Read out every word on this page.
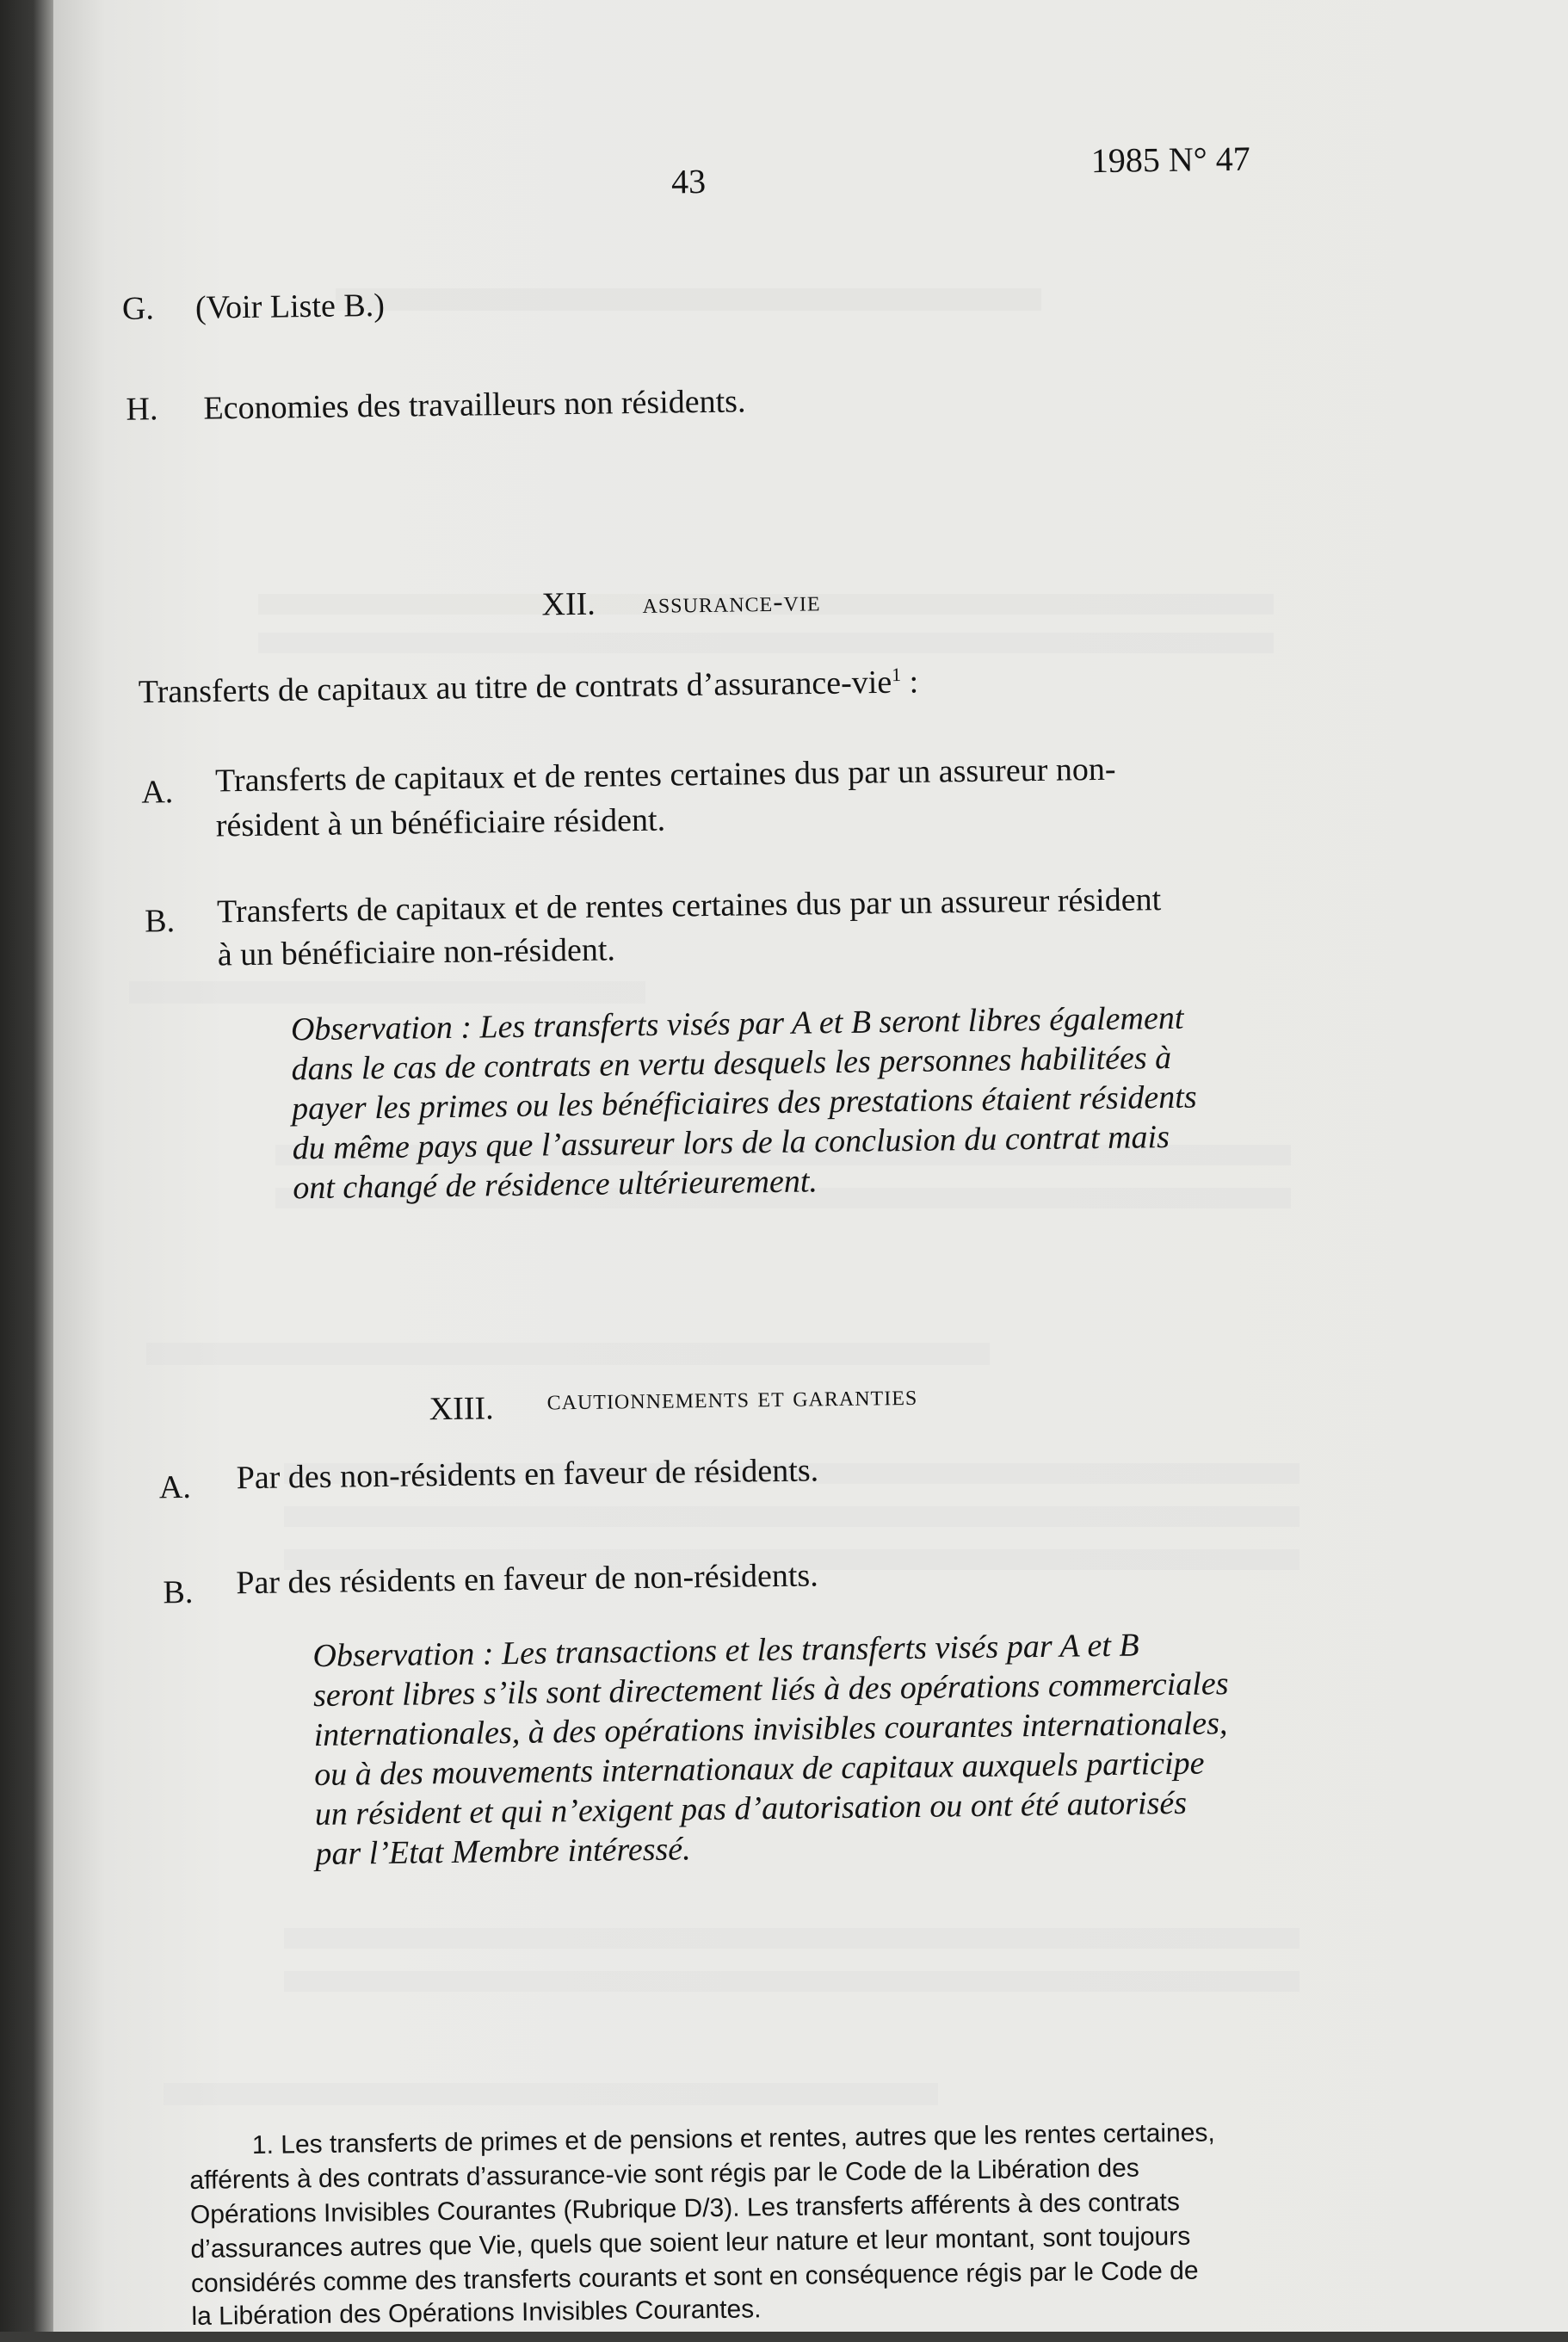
43
1985 N° 47
G. (Voir Liste B.)
H. Economies des travailleurs non résidents.
XII. assurance-vie
Transferts de capitaux au titre de contrats d’assurance-vie$^1$ :
A. Transferts de capitaux et de rentes certaines dus par un assureur non-
résident à un bénéficiaire résident.
B. Transferts de capitaux et de rentes certaines dus par un assureur résident
à un bénéficiaire non-résident.
Observation : Les transferts visés par A et B seront libres également
dans le cas de contrats en vertu desquels les personnes habilitées à
payer les primes ou les bénéficiaires des prestations étaient résidents
du même pays que l’assureur lors de la conclusion du contrat mais
ont changé de résidence ultérieurement.
XIII. cautionnements et garanties
A. Par des non-résidents en faveur de résidents.
B. Par des résidents en faveur de non-résidents.
Observation : Les transactions et les transferts visés par A et B
seront libres s’ils sont directement liés à des opérations commerciales
internationales, à des opérations invisibles courantes internationales,
ou à des mouvements internationaux de capitaux auxquels participe
un résident et qui n’exigent pas d’autorisation ou ont été autorisés
par l’Etat Membre intéressé.
1. Les transferts de primes et de pensions et rentes, autres que les rentes certaines,
afférents à des contrats d’assurance-vie sont régis par le Code de la Libération des
Opérations Invisibles Courantes (Rubrique D/3). Les transferts afférents à des contrats
d’assurances autres que Vie, quels que soient leur nature et leur montant, sont toujours
considérés comme des transferts courants et sont en conséquence régis par le Code de
la Libération des Opérations Invisibles Courantes.
